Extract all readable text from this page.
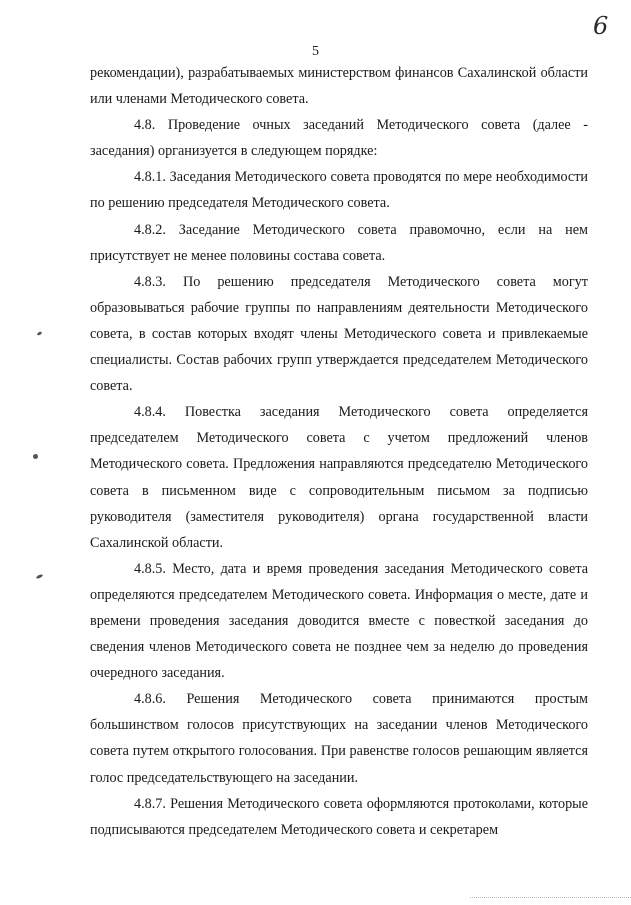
5
6

рекомендации), разрабатываемых министерством финансов Сахалинской области или членами Методического совета.

4.8. Проведение очных заседаний Методического совета (далее - заседания) организуется в следующем порядке:

4.8.1. Заседания Методического совета проводятся по мере необходимости по решению председателя Методического совета.

4.8.2. Заседание Методического совета правомочно, если на нем присутствует не менее половины состава совета.

4.8.3. По решению председателя Методического совета могут образовываться рабочие группы по направлениям деятельности Методического совета, в состав которых входят члены Методического совета и привлекаемые специалисты. Состав рабочих групп утверждается председателем Методического совета.

4.8.4. Повестка заседания Методического совета определяется председателем Методического совета с учетом предложений членов Методического совета. Предложения направляются председателю Методического совета в письменном виде с сопроводительным письмом за подписью руководителя (заместителя руководителя) органа государственной власти Сахалинской области.

4.8.5. Место, дата и время проведения заседания Методического совета определяются председателем Методического совета. Информация о месте, дате и времени проведения заседания доводится вместе с повесткой заседания до сведения членов Методического совета не позднее чем за неделю до проведения очередного заседания.

4.8.6. Решения Методического совета принимаются простым большинством голосов присутствующих на заседании членов Методического совета путем открытого голосования. При равенстве голосов решающим является голос председательствующего на заседании.

4.8.7. Решения Методического совета оформляются протоколами, которые подписываются председателем Методического совета и секретарем
